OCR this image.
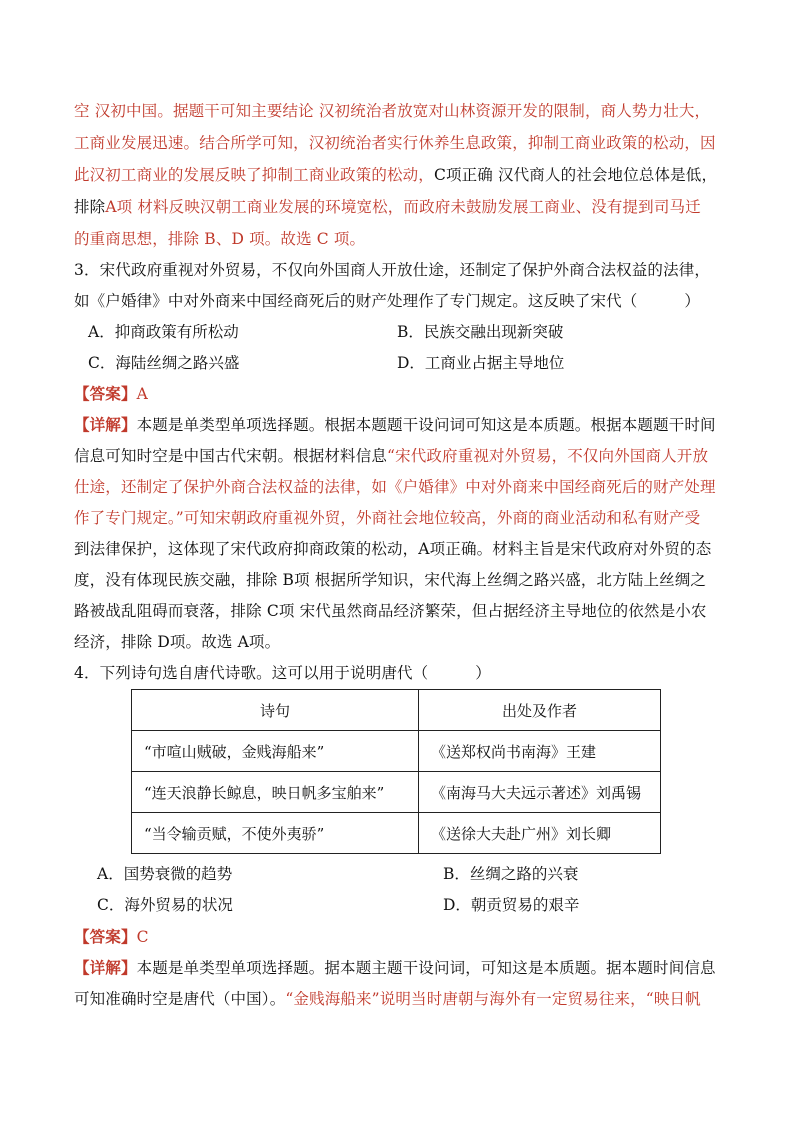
空 汉初中国。据题干可知主要结论 汉初统治者放宽对山林资源开发的限制，商人势力壮大，
工商业发展迅速。结合所学可知，汉初统治者实行休养生息政策，抑制工商业政策的松动，因
此汉初工商业的发展反映了抑制工商业政策的松动，C项正确 汉代商人的社会地位总体是低，
排除A项 材料反映汉朝工商业发展的环境宽松，而政府未鼓励发展工商业、没有提到司马迁
的重商思想，排除 B、D 项。故选 C 项。
3．宋代政府重视对外贸易，不仅向外国商人开放仕途，还制定了保护外商合法权益的法律，
如《户婚律》中对外商来中国经商死后的财产处理作了专门规定。这反映了宋代（　　　）
A．抑商政策有所松动	B．民族交融出现新突破
C．海陆丝绸之路兴盛	D．工商业占据主导地位
【答案】A
【详解】本题是单类型单项选择题。根据本题题干设问词可知这是本质题。根据本题题干时间
信息可知时空是中国古代宋朝。根据材料信息“宋代政府重视对外贸易，不仅向外国商人开放
仕途，还制定了保护外商合法权益的法律，如《户婚律》中对外商来中国经商死后的财产处理
作了专门规定。”可知宋朝政府重视外贸，外商社会地位较高，外商的商业活动和私有财产受
到法律保护，这体现了宋代政府抑商政策的松动，A项正确。材料主旨是宋代政府对外贸的态
度，没有体现民族交融，排除 B项 根据所学知识，宋代海上丝绸之路兴盛，北方陆上丝绸之
路被战乱阻碍而衰落，排除 C项 宋代虽然商品经济繁荣，但占据经济主导地位的依然是小农
经济，排除 D项。故选 A项。
4．下列诗句选自唐代诗歌。这可以用于说明唐代（　　　）
诗句	出处及作者
“市喧山贼破，金贱海船来”	《送郑权尚书南海》王建
“连天浪静长鲸息，映日帆多宝舶来”	《南海马大夫远示著述》刘禹锡
“当令输贡赋，不使外夷骄”	《送徐大夫赴广州》刘长卿
A．国势衰微的趋势	B．丝绸之路的兴衰
C．海外贸易的状况	D．朝贡贸易的艰辛
【答案】C
【详解】本题是单类型单项选择题。据本题主题干设问词，可知这是本质题。据本题时间信息
可知准确时空是唐代（中国）。“金贱海船来”说明当时唐朝与海外有一定贸易往来，“映日帆
